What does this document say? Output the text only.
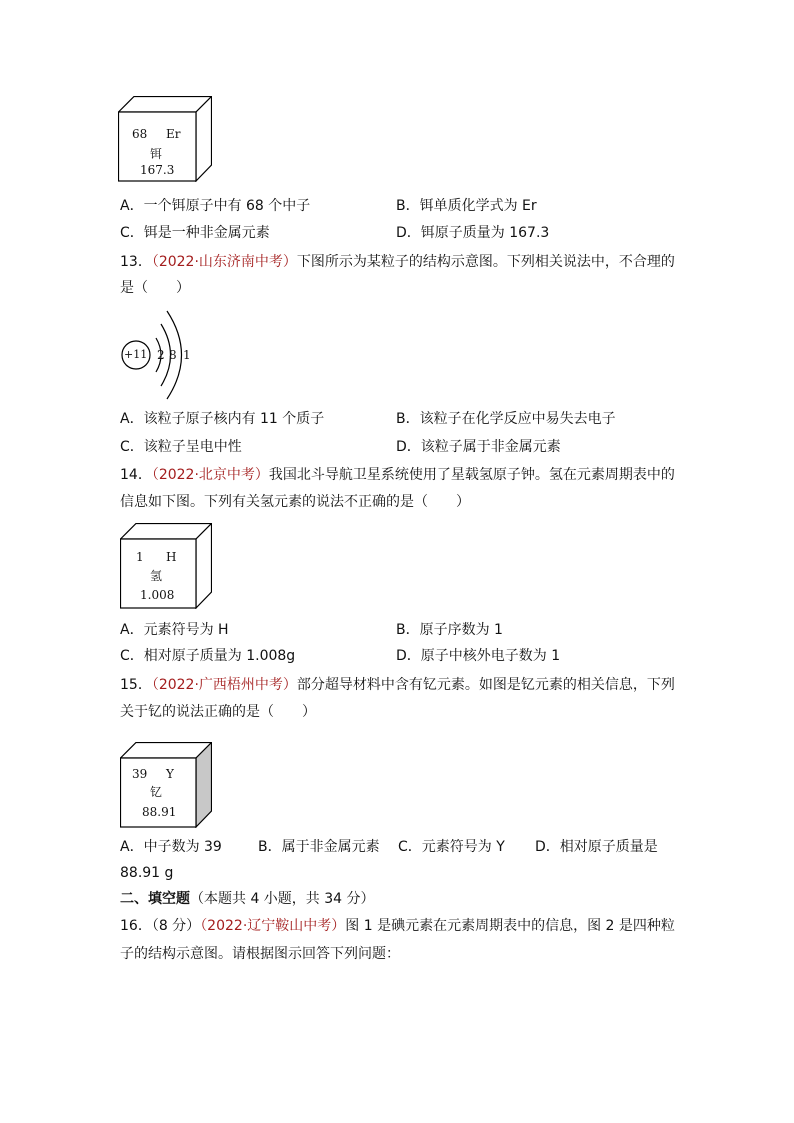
68 Er
铒
167.3
A．一个铒原子中有 68 个中子	B．铒单质化学式为 Er
C．铒是一种非金属元素	D．铒原子质量为 167.3
13．（2022·山东济南中考）下图所示为某粒子的结构示意图。下列相关说法中，不合理的
是（　　）
+11 2 8 1
A．该粒子原子核内有 11 个质子	B．该粒子在化学反应中易失去电子
C．该粒子呈电中性	D．该粒子属于非金属元素
14．（2022·北京中考）我国北斗导航卫星系统使用了星载氢原子钟。氢在元素周期表中的
信息如下图。下列有关氢元素的说法不正确的是（　　）
1 H
氢
1.008
A．元素符号为 H	B．原子序数为 1
C．相对原子质量为 1.008g	D．原子中核外电子数为 1
15．（2022·广西梧州中考）部分超导材料中含有钇元素。如图是钇元素的相关信息，下列
关于钇的说法正确的是（　　）
39 Y
钇
88.91
A．中子数为 39	B．属于非金属元素 C．元素符号为 Y D．相对原子质量是
88.91 g
二、填空题（本题共 4 小题，共 34 分）
16．（8 分）（2022·辽宁鞍山中考）图 1 是碘元素在元素周期表中的信息，图 2 是四种粒
子的结构示意图。请根据图示回答下列问题：
